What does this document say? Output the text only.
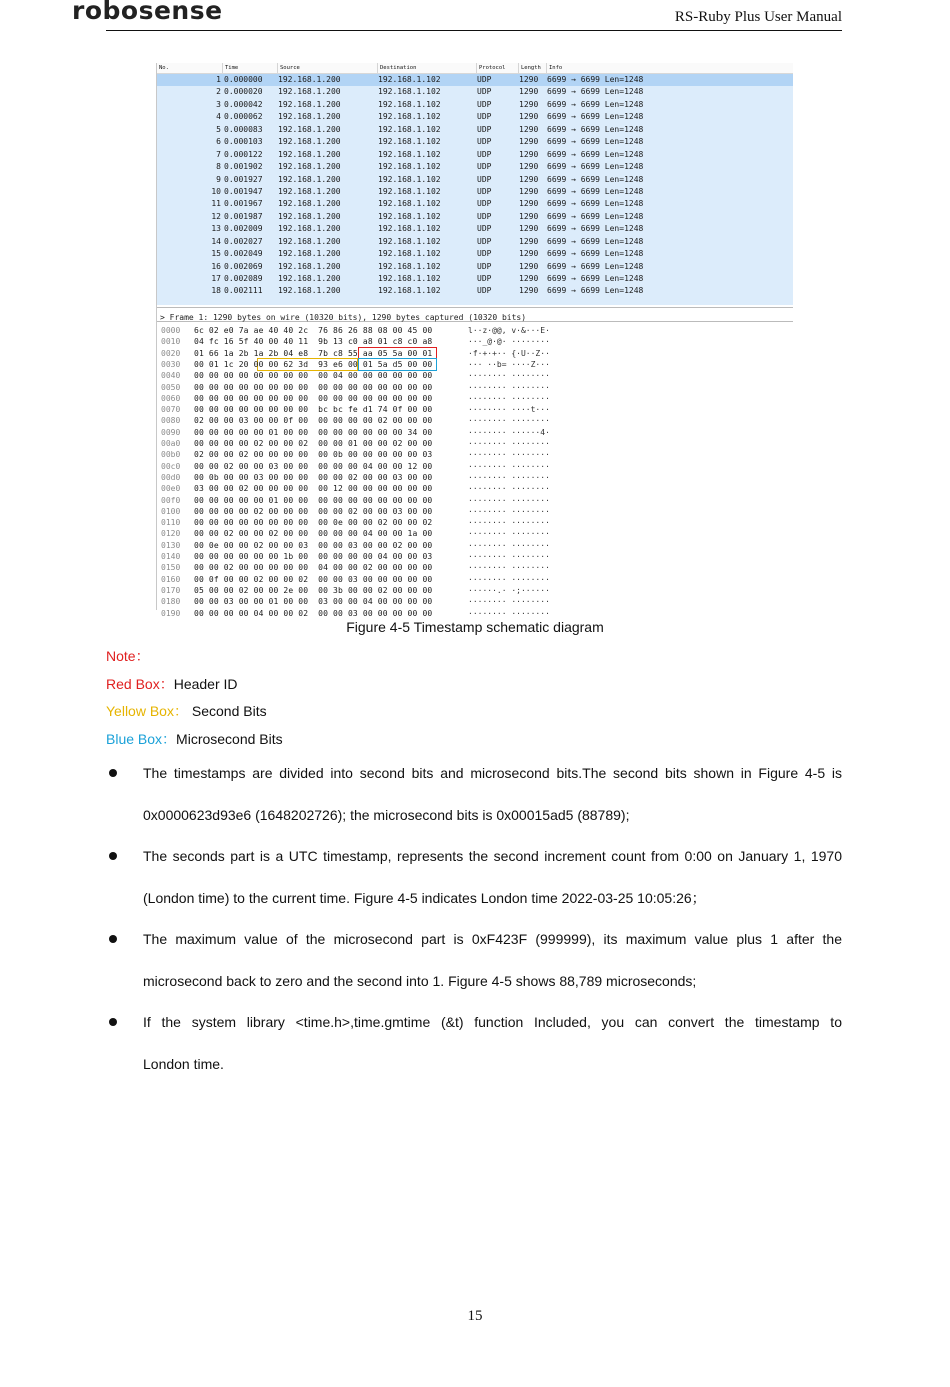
robosense	RS-Ruby Plus User Manual
No.	Time	Source	Destination	Protocol	Length	Info
1 0.000000	192.168.1.200	192.168.1.102	UDP	1290	6699 → 6699 Len=1248
2 0.000020	192.168.1.200	192.168.1.102	UDP	1290	6699 → 6699 Len=1248
3 0.000042	192.168.1.200	192.168.1.102	UDP	1290	6699 → 6699 Len=1248
4 0.000062	192.168.1.200	192.168.1.102	UDP	1290	6699 → 6699 Len=1248
5 0.000083	192.168.1.200	192.168.1.102	UDP	1290	6699 → 6699 Len=1248
6 0.000103	192.168.1.200	192.168.1.102	UDP	1290	6699 → 6699 Len=1248
7 0.000122	192.168.1.200	192.168.1.102	UDP	1290	6699 → 6699 Len=1248
8 0.001902	192.168.1.200	192.168.1.102	UDP	1290	6699 → 6699 Len=1248
9 0.001927	192.168.1.200	192.168.1.102	UDP	1290	6699 → 6699 Len=1248
10 0.001947	192.168.1.200	192.168.1.102	UDP	1290	6699 → 6699 Len=1248
11 0.001967	192.168.1.200	192.168.1.102	UDP	1290	6699 → 6699 Len=1248
12 0.001987	192.168.1.200	192.168.1.102	UDP	1290	6699 → 6699 Len=1248
13 0.002009	192.168.1.200	192.168.1.102	UDP	1290	6699 → 6699 Len=1248
14 0.002027	192.168.1.200	192.168.1.102	UDP	1290	6699 → 6699 Len=1248
15 0.002049	192.168.1.200	192.168.1.102	UDP	1290	6699 → 6699 Len=1248
16 0.002069	192.168.1.200	192.168.1.102	UDP	1290	6699 → 6699 Len=1248
17 0.002089	192.168.1.200	192.168.1.102	UDP	1290	6699 → 6699 Len=1248
18 0.002111	192.168.1.200	192.168.1.102	UDP	1290	6699 → 6699 Len=1248
> Frame 1: 1290 bytes on wire (10320 bits), 1290 bytes captured (10320 bits)
0000 6c 02 e0 7a ae 40 40 2c  76 86 26 88 08 00 45 00	l··z·@@, v·&···E·
0010 04 fc 16 5f 40 00 40 11  9b 13 c0 a8 01 c8 c0 a8	···_@·@· ········
0020 01 66 1a 2b 1a 2b 04 e8  7b c8 55 aa 05 5a 00 01	·f·+·+·· {·U··Z··
0030 00 01 1c 20 00 00 62 3d  93 e6 00 01 5a d5 00 00	··· ··b= ····Z···
0040 00 00 00 00 00 00 00 00  00 04 00 00 00 00 00 00	········ ········
0050 00 00 00 00 00 00 00 00  00 00 00 00 00 00 00 00	········ ········
0060 00 00 00 00 00 00 00 00  00 00 00 00 00 00 00 00	········ ········
0070 00 00 00 00 00 00 00 00  bc bc fe d1 74 0f 00 00	········ ····t···
0080 02 00 00 03 00 00 0f 00  00 00 00 00 02 00 00 00	········ ········
0090 00 00 00 00 00 01 00 00  00 00 00 00 00 00 34 00	········ ······4·
00a0 00 00 00 00 02 00 00 02  00 00 01 00 00 02 00 00	········ ········
00b0 02 00 00 02 00 00 00 00  00 0b 00 00 00 00 00 03	········ ········
00c0 00 00 02 00 00 03 00 00  00 00 00 04 00 00 12 00	········ ········
00d0 00 0b 00 00 03 00 00 00  00 00 02 00 00 03 00 00	········ ········
00e0 03 00 00 02 00 00 00 00  00 12 00 00 00 00 00 00	········ ········
00f0 00 00 00 00 00 01 00 00  00 00 00 00 00 00 00 00	········ ········
0100 00 00 00 00 02 00 00 00  00 00 02 00 00 03 00 00	········ ········
0110 00 00 00 00 00 00 00 00  00 0e 00 00 02 00 00 02	········ ········
0120 00 00 02 00 00 02 00 00  00 00 00 04 00 00 1a 00	········ ········
0130 00 0e 00 00 02 00 00 03  00 00 03 00 00 02 00 00	········ ········
0140 00 00 00 00 00 00 1b 00  00 00 00 00 04 00 00 03	········ ········
0150 00 00 02 00 00 00 00 00  04 00 00 02 00 00 00 00	········ ········
0160 00 0f 00 00 02 00 00 02  00 00 03 00 00 00 00 00	········ ········
0170 05 00 00 02 00 00 2e 00  00 3b 00 00 02 00 00 00	······.· ·;······
0180 00 00 03 00 00 01 00 00  03 00 00 04 00 00 00 00	········ ········
0190 00 00 00 00 04 00 00 02  00 00 03 00 00 00 00 00	········ ········
Figure 4-5 Timestamp schematic diagram
Note：
Red Box：Header ID
Yellow Box： Second Bits
Blue Box：Microsecond Bits
The timestamps are divided into second bits and microsecond bits.The second bits shown in Figure 4-5 is
0x0000623d93e6 (1648202726); the microsecond bits is 0x00015ad5 (88789);
The seconds part is a UTC timestamp, represents the second increment count from 0:00 on January 1, 1970
(London time) to the current time. Figure 4-5 indicates London time 2022-03-25 10:05:26；
The maximum value of the microsecond part is 0xF423F (999999), its maximum value plus 1 after the
microsecond back to zero and the second into 1. Figure 4-5 shows 88,789 microseconds;
If the system library <time.h>,time.gmtime (&t) function Included, you can convert the timestamp to
London time.
15
